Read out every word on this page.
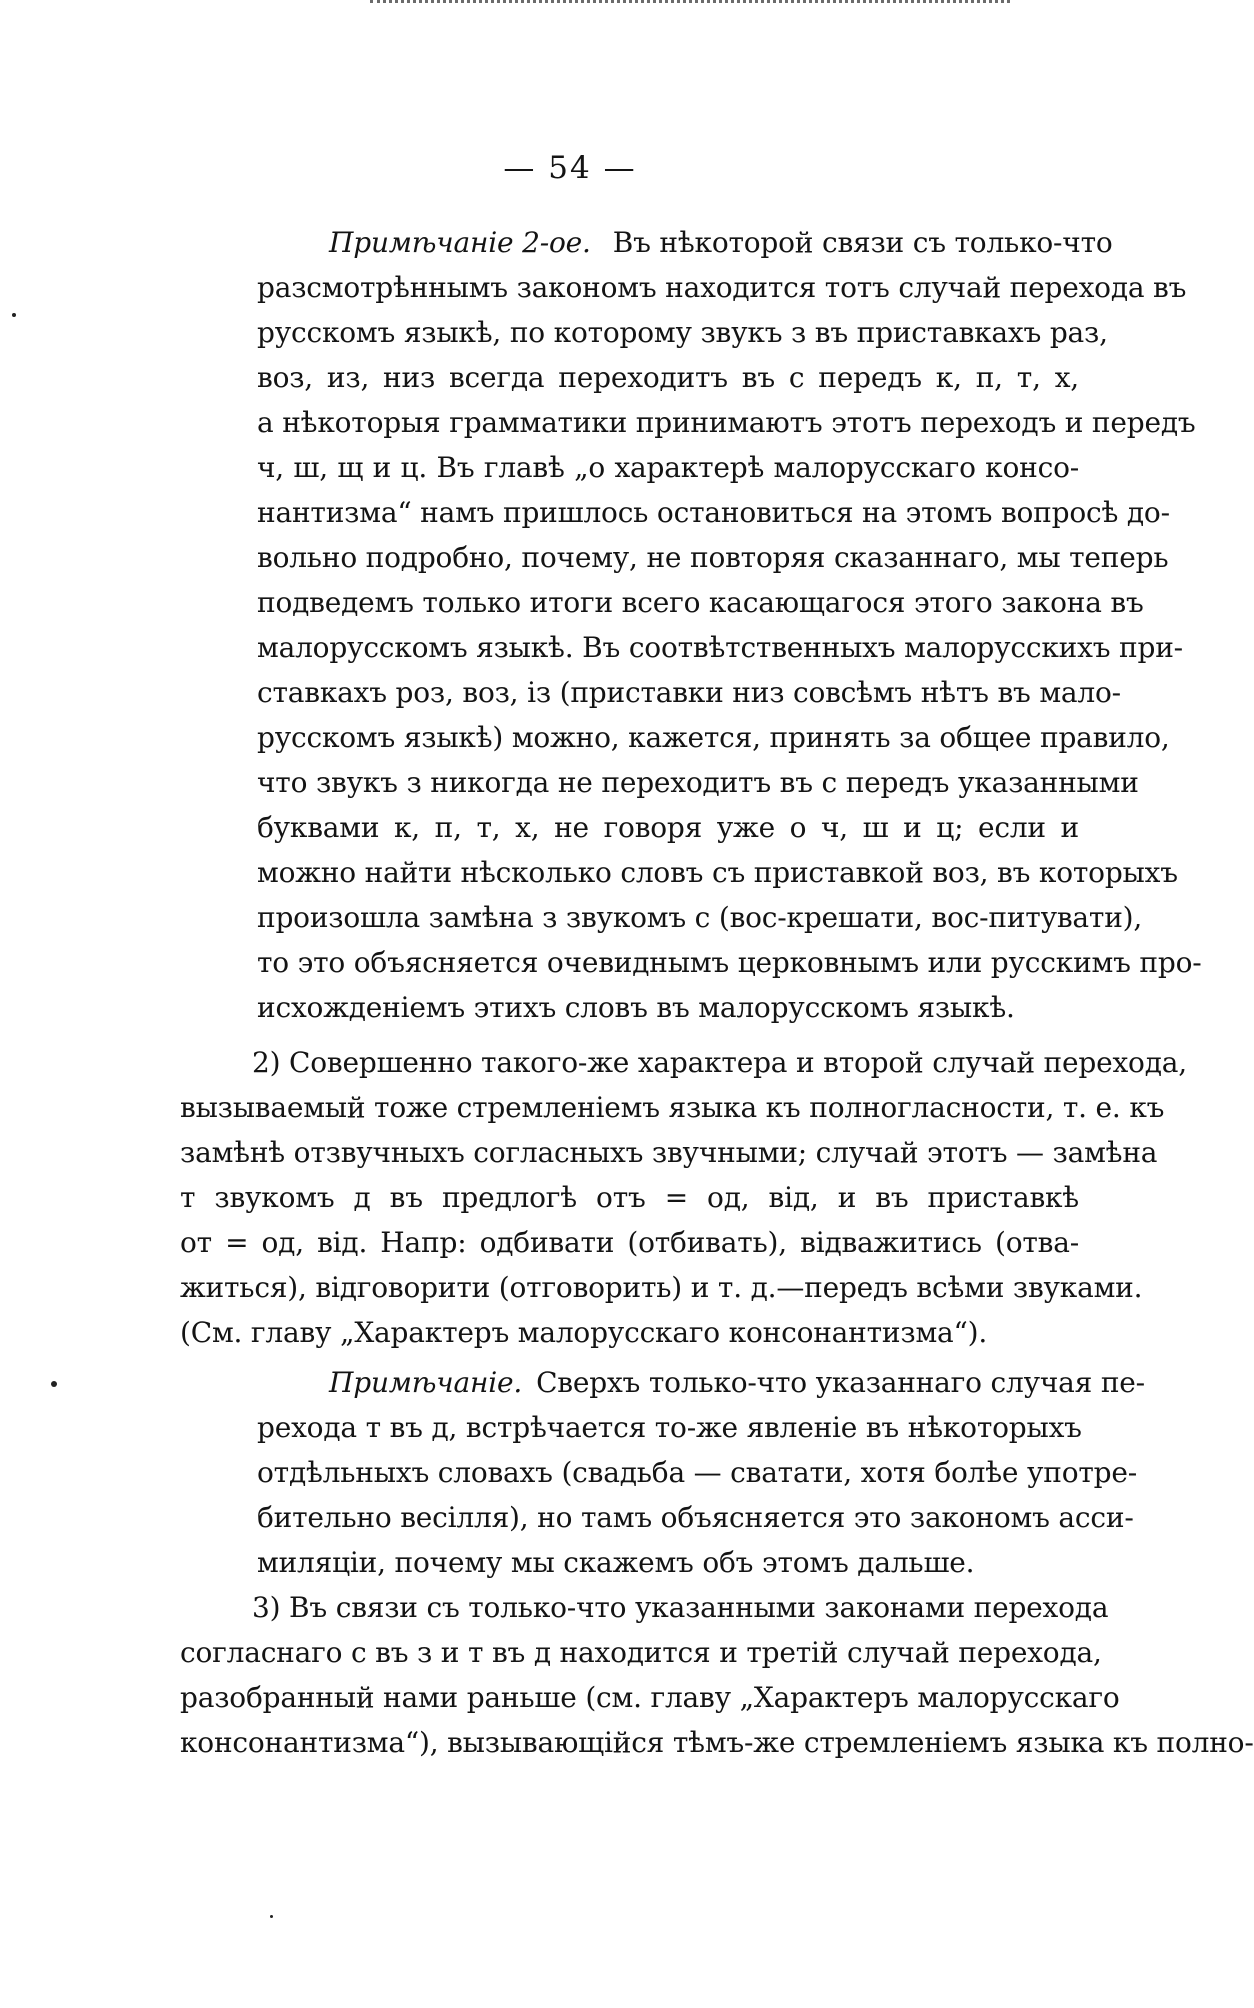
— 54 —
Примѣчаніе 2-ое. Въ нѣкоторой связи съ только-что
разсмотрѣннымъ закономъ находится тотъ случай перехода въ
русскомъ языкѣ, по которому звукъ з въ приставкахъ раз,
воз, из, низ всегда переходитъ въ с передъ к, п, т, х,
а нѣкоторыя грамматики принимаютъ этотъ переходъ и передъ
ч, ш, щ и ц. Въ главѣ „о характерѣ малорусскаго консо-
нантизма“ намъ пришлось остановиться на этомъ вопросѣ до-
вольно подробно, почему, не повторяя сказаннаго, мы теперь
подведемъ только итоги всего касающагося этого закона въ
малорусскомъ языкѣ. Въ соотвѣтственныхъ малорусскихъ при-
ставкахъ роз, воз, із (приставки низ совсѣмъ нѣтъ въ мало-
русскомъ языкѣ) можно, кажется, принять за общее правило,
что звукъ з никогда не переходитъ въ с передъ указанными
буквами к, п, т, х, не говоря уже о ч, ш и ц; если и
можно найти нѣсколько словъ съ приставкой воз, въ которыхъ
произошла замѣна з звукомъ с (вос-крешати, вос-питувати),
то это объясняется очевиднымъ церковнымъ или русскимъ про-
исхожденіемъ этихъ словъ въ малорусскомъ языкѣ.
2) Совершенно такого-же характера и второй случай перехода,
вызываемый тоже стремленіемъ языка къ полногласности, т. е. къ
замѣнѣ отзвучныхъ согласныхъ звучными; случай этотъ — замѣна
т звукомъ д въ предлогѣ отъ = од, від, и въ приставкѣ
от = од, від. Напр: одбивати (отбивать), відважитись (отва-
житься), відговорити (отговорить) и т. д.—передъ всѣми звуками.
(См. главу „Характеръ малорусскаго консонантизма“).
Примѣчаніе. Сверхъ только-что указаннаго случая пе-
рехода т въ д, встрѣчается то-же явленіе въ нѣкоторыхъ
отдѣльныхъ словахъ (свадьба — сватати, хотя болѣе употре-
бительно весілля), но тамъ объясняется это закономъ асси-
миляціи, почему мы скажемъ объ этомъ дальше.
3) Въ связи съ только-что указанными законами перехода
согласнаго с въ з и т въ д находится и третій случай перехода,
разобранный нами раньше (см. главу „Характеръ малорусскаго
консонантизма“), вызывающійся тѣмъ-же стремленіемъ языка къ полно-
